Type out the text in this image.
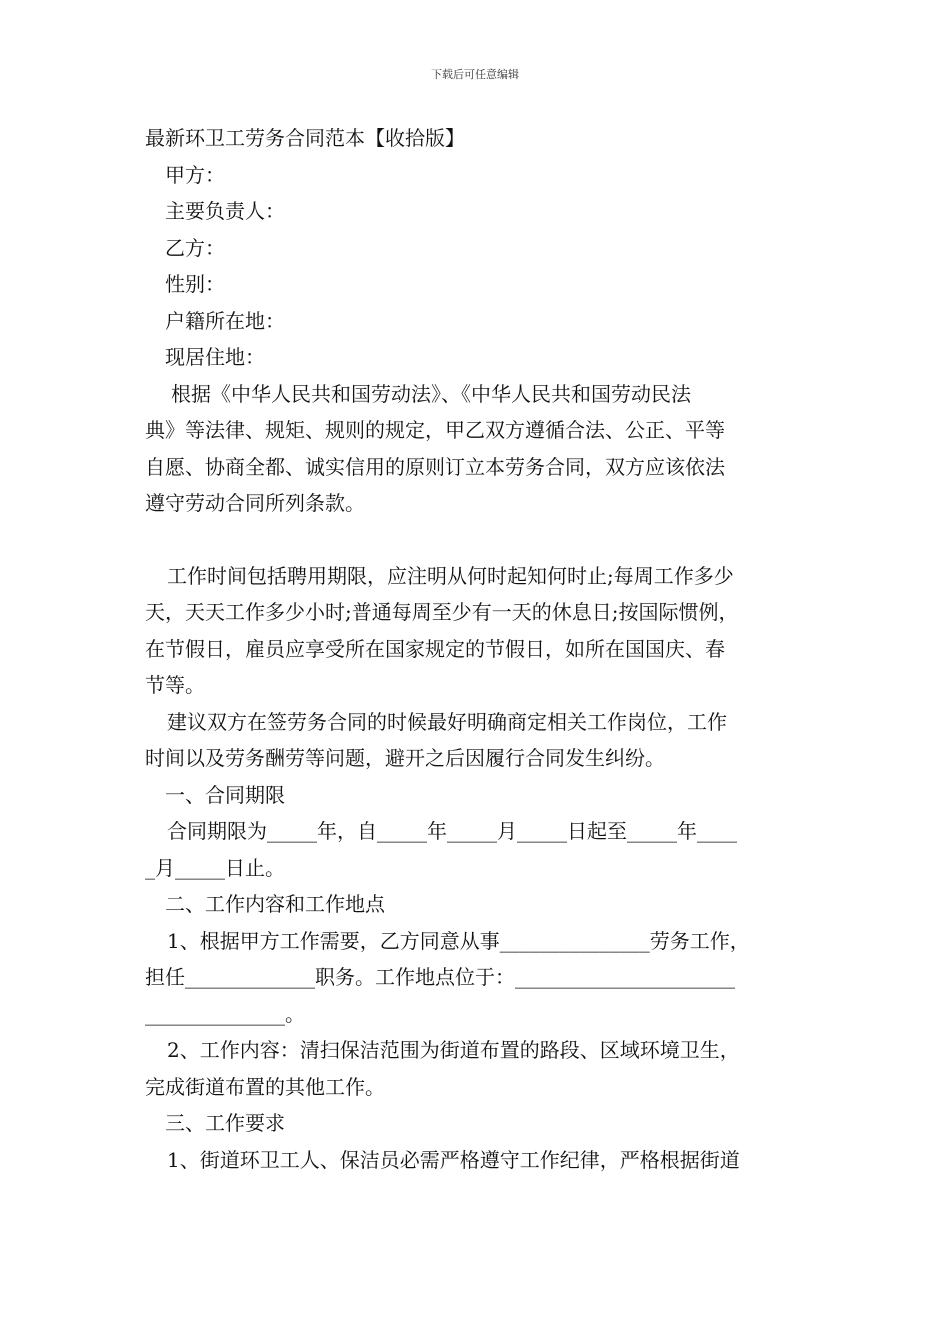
下载后可任意编辑
最新环卫工劳务合同范本【收拾版】
甲方：
主要负责人：
乙方：
性别：
户籍所在地：
现居住地：
根据《中华人民共和国劳动法》、《中华人民共和国劳动民法
典》等法律、规矩、规则的规定，甲乙双方遵循合法、公正、平等
自愿、协商全都、诚实信用的原则订立本劳务合同，双方应该依法
遵守劳动合同所列条款。
工作时间包括聘用期限，应注明从何时起知何时止;每周工作多少
天，天天工作多少小时;普通每周至少有一天的休息日;按国际惯例，
在节假日，雇员应享受所在国家规定的节假日，如所在国国庆、春
节等。
建议双方在签劳务合同的时候最好明确商定相关工作岗位，工作
时间以及劳务酬劳等问题，避开之后因履行合同发生纠纷。
一、合同期限
合同期限为_____年，自_____年_____月_____日起至_____年____
_月_____日止。
二、工作内容和工作地点
1、根据甲方工作需要，乙方同意从事_______________劳务工作，
担任_____________职务。工作地点位于：______________________
______________。
2、工作内容：清扫保洁范围为街道布置的路段、区域环境卫生，
完成街道布置的其他工作。
三、工作要求
1、街道环卫工人、保洁员必需严格遵守工作纪律，严格根据街道
